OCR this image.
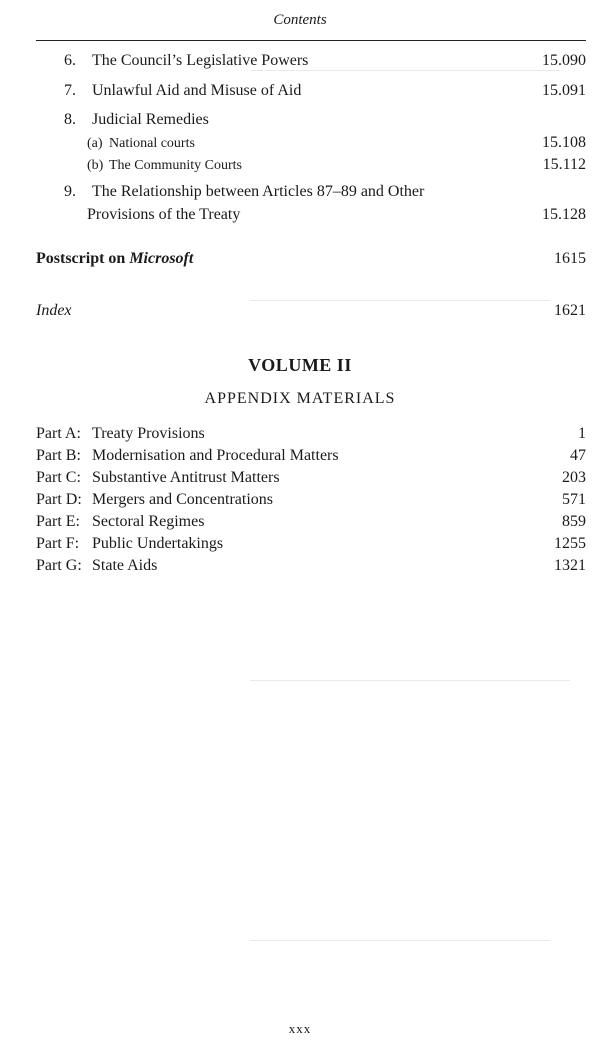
Contents
6. The Council’s Legislative Powers	15.090
7. Unlawful Aid and Misuse of Aid	15.091
8. Judicial Remedies
(a) National courts	15.108
(b) The Community Courts	15.112
9. The Relationship between Articles 87–89 and Other
Provisions of the Treaty	15.128
Postscript on Microsoft	1615
Index	1621
VOLUME II
APPENDIX MATERIALS
Part A: Treaty Provisions	1
Part B: Modernisation and Procedural Matters	47
Part C: Substantive Antitrust Matters	203
Part D: Mergers and Concentrations	571
Part E: Sectoral Regimes	859
Part F: Public Undertakings	1255
Part G: State Aids	1321
xxx
